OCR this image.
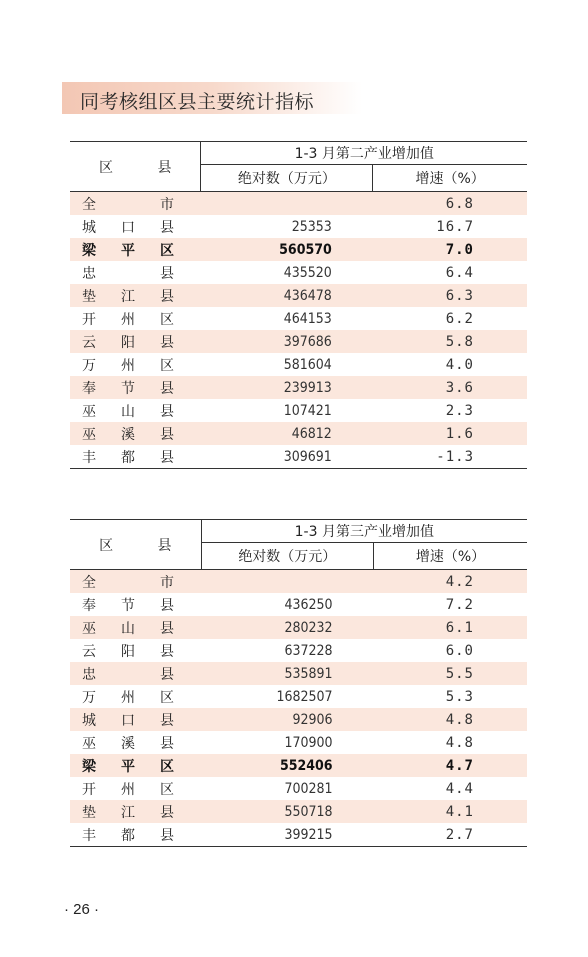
同考核组区县主要统计指标
区 县	1-3 月第二产业增加值	
	绝对数（万元）	增速（%）

全 市		6.8

城 口 县	25353	16.7

梁 平 区	560570	7.0

忠 县	435520	6.4

垫 江 县	436478	6.3

开 州 区	464153	6.2

云 阳 县	397686	5.8

万 州 区	581604	4.0

奉 节 县	239913	3.6

巫 山 县	107421	2.3

巫 溪 县	46812	1.6

丰 都 县	309691	-1.3
区 县	1-3 月第三产业增加值	
	绝对数（万元）	增速（%）

全 市		4.2

奉 节 县	436250	7.2

巫 山 县	280232	6.1

云 阳 县	637228	6.0

忠 县	535891	5.5

万 州 区	1682507	5.3

城 口 县	92906	4.8

巫 溪 县	170900	4.8

梁 平 区	552406	4.7

开 州 区	700281	4.4

垫 江 县	550718	4.1

丰 都 县	399215	2.7
· 26 ·
